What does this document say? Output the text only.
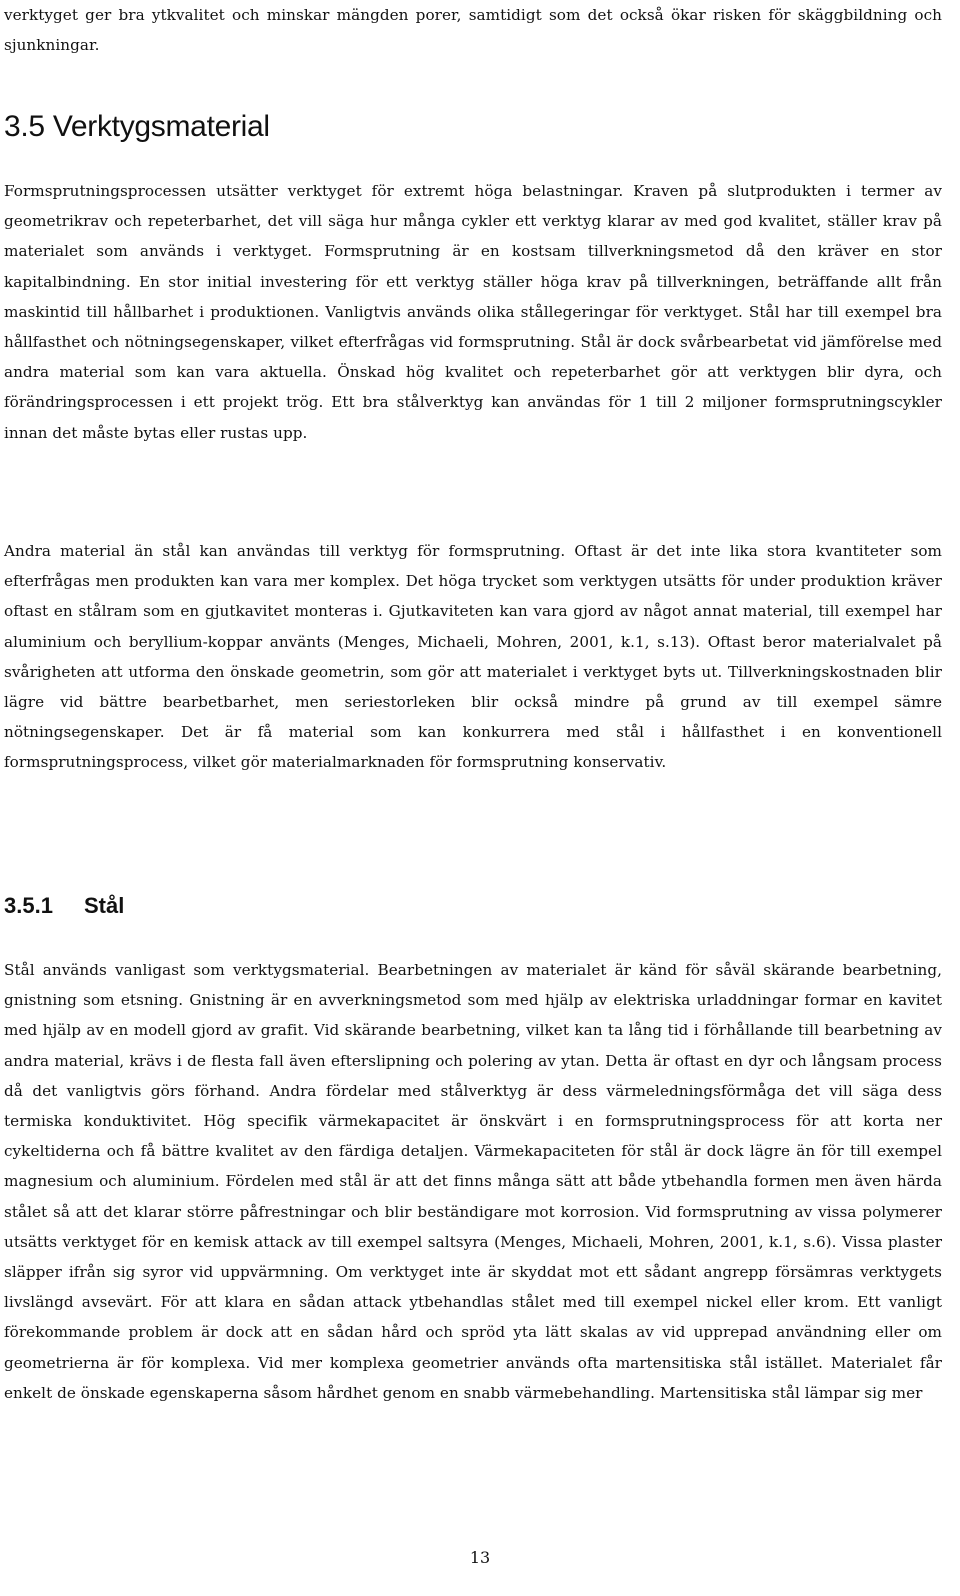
verktyget ger bra ytkvalitet och minskar mängden porer, samtidigt som det också ökar risken för skäggbildning och sjunkningar.

3.5 Verktygsmaterial

Formsprutningsprocessen utsätter verktyget för extremt höga belastningar. Kraven på slutprodukten i termer av geometrikrav och repeterbarhet, det vill säga hur många cykler ett verktyg klarar av med god kvalitet, ställer krav på materialet som används i verktyget. Formsprutning är en kostsam tillverkningsmetod då den kräver en stor kapitalbindning. En stor initial investering för ett verktyg ställer höga krav på tillverkningen, beträffande allt från maskintid till hållbarhet i produktionen. Vanligtvis används olika stållegeringar för verktyget. Stål har till exempel bra hållfasthet och nötningsegenskaper, vilket efterfrågas vid formsprutning. Stål är dock svårbearbetat vid jämförelse med andra material som kan vara aktuella. Önskad hög kvalitet och repeterbarhet gör att verktygen blir dyra, och förändringsprocessen i ett projekt trög. Ett bra stålverktyg kan användas för 1 till 2 miljoner formsprutningscykler innan det måste bytas eller rustas upp.

Andra material än stål kan användas till verktyg för formsprutning. Oftast är det inte lika stora kvantiteter som efterfrågas men produkten kan vara mer komplex. Det höga trycket som verktygen utsätts för under produktion kräver oftast en stålram som en gjutkavitet monteras i. Gjutkaviteten kan vara gjord av något annat material, till exempel har aluminium och beryllium-koppar använts (Menges, Michaeli, Mohren, 2001, k.1, s.13). Oftast beror materialvalet på svårigheten att utforma den önskade geometrin, som gör att materialet i verktyget byts ut. Tillverkningskostnaden blir lägre vid bättre bearbetbarhet, men seriestorleken blir också mindre på grund av till exempel sämre nötningsegenskaper. Det är få material som kan konkurrera med stål i hållfasthet i en konventionell formsprutningsprocess, vilket gör materialmarknaden för formsprutning konservativ.

3.5.1 Stål

Stål används vanligast som verktygsmaterial. Bearbetningen av materialet är känd för såväl skärande bearbetning, gnistning som etsning. Gnistning är en avverkningsmetod som med hjälp av elektriska urladdningar formar en kavitet med hjälp av en modell gjord av grafit. Vid skärande bearbetning, vilket kan ta lång tid i förhållande till bearbetning av andra material, krävs i de flesta fall även efterslipning och polering av ytan. Detta är oftast en dyr och långsam process då det vanligtvis görs förhand. Andra fördelar med stålverktyg är dess värmeledningsförmåga det vill säga dess termiska konduktivitet. Hög specifik värmekapacitet är önskvärt i en formsprutningsprocess för att korta ner cykeltiderna och få bättre kvalitet av den färdiga detaljen. Värmekapaciteten för stål är dock lägre än för till exempel magnesium och aluminium. Fördelen med stål är att det finns många sätt att både ytbehandla formen men även härda stålet så att det klarar större påfrestningar och blir beständigare mot korrosion. Vid formsprutning av vissa polymerer utsätts verktyget för en kemisk attack av till exempel saltsyra (Menges, Michaeli, Mohren, 2001, k.1, s.6). Vissa plaster släpper ifrån sig syror vid uppvärmning. Om verktyget inte är skyddat mot ett sådant angrepp försämras verktygets livslängd avsevärt. För att klara en sådan attack ytbehandlas stålet med till exempel nickel eller krom. Ett vanligt förekommande problem är dock att en sådan hård och spröd yta lätt skalas av vid upprepad användning eller om geometrierna är för komplexa. Vid mer komplexa geometrier används ofta martensitiska stål istället. Materialet får enkelt de önskade egenskaperna såsom hårdhet genom en snabb värmebehandling. Martensitiska stål lämpar sig mer

13
